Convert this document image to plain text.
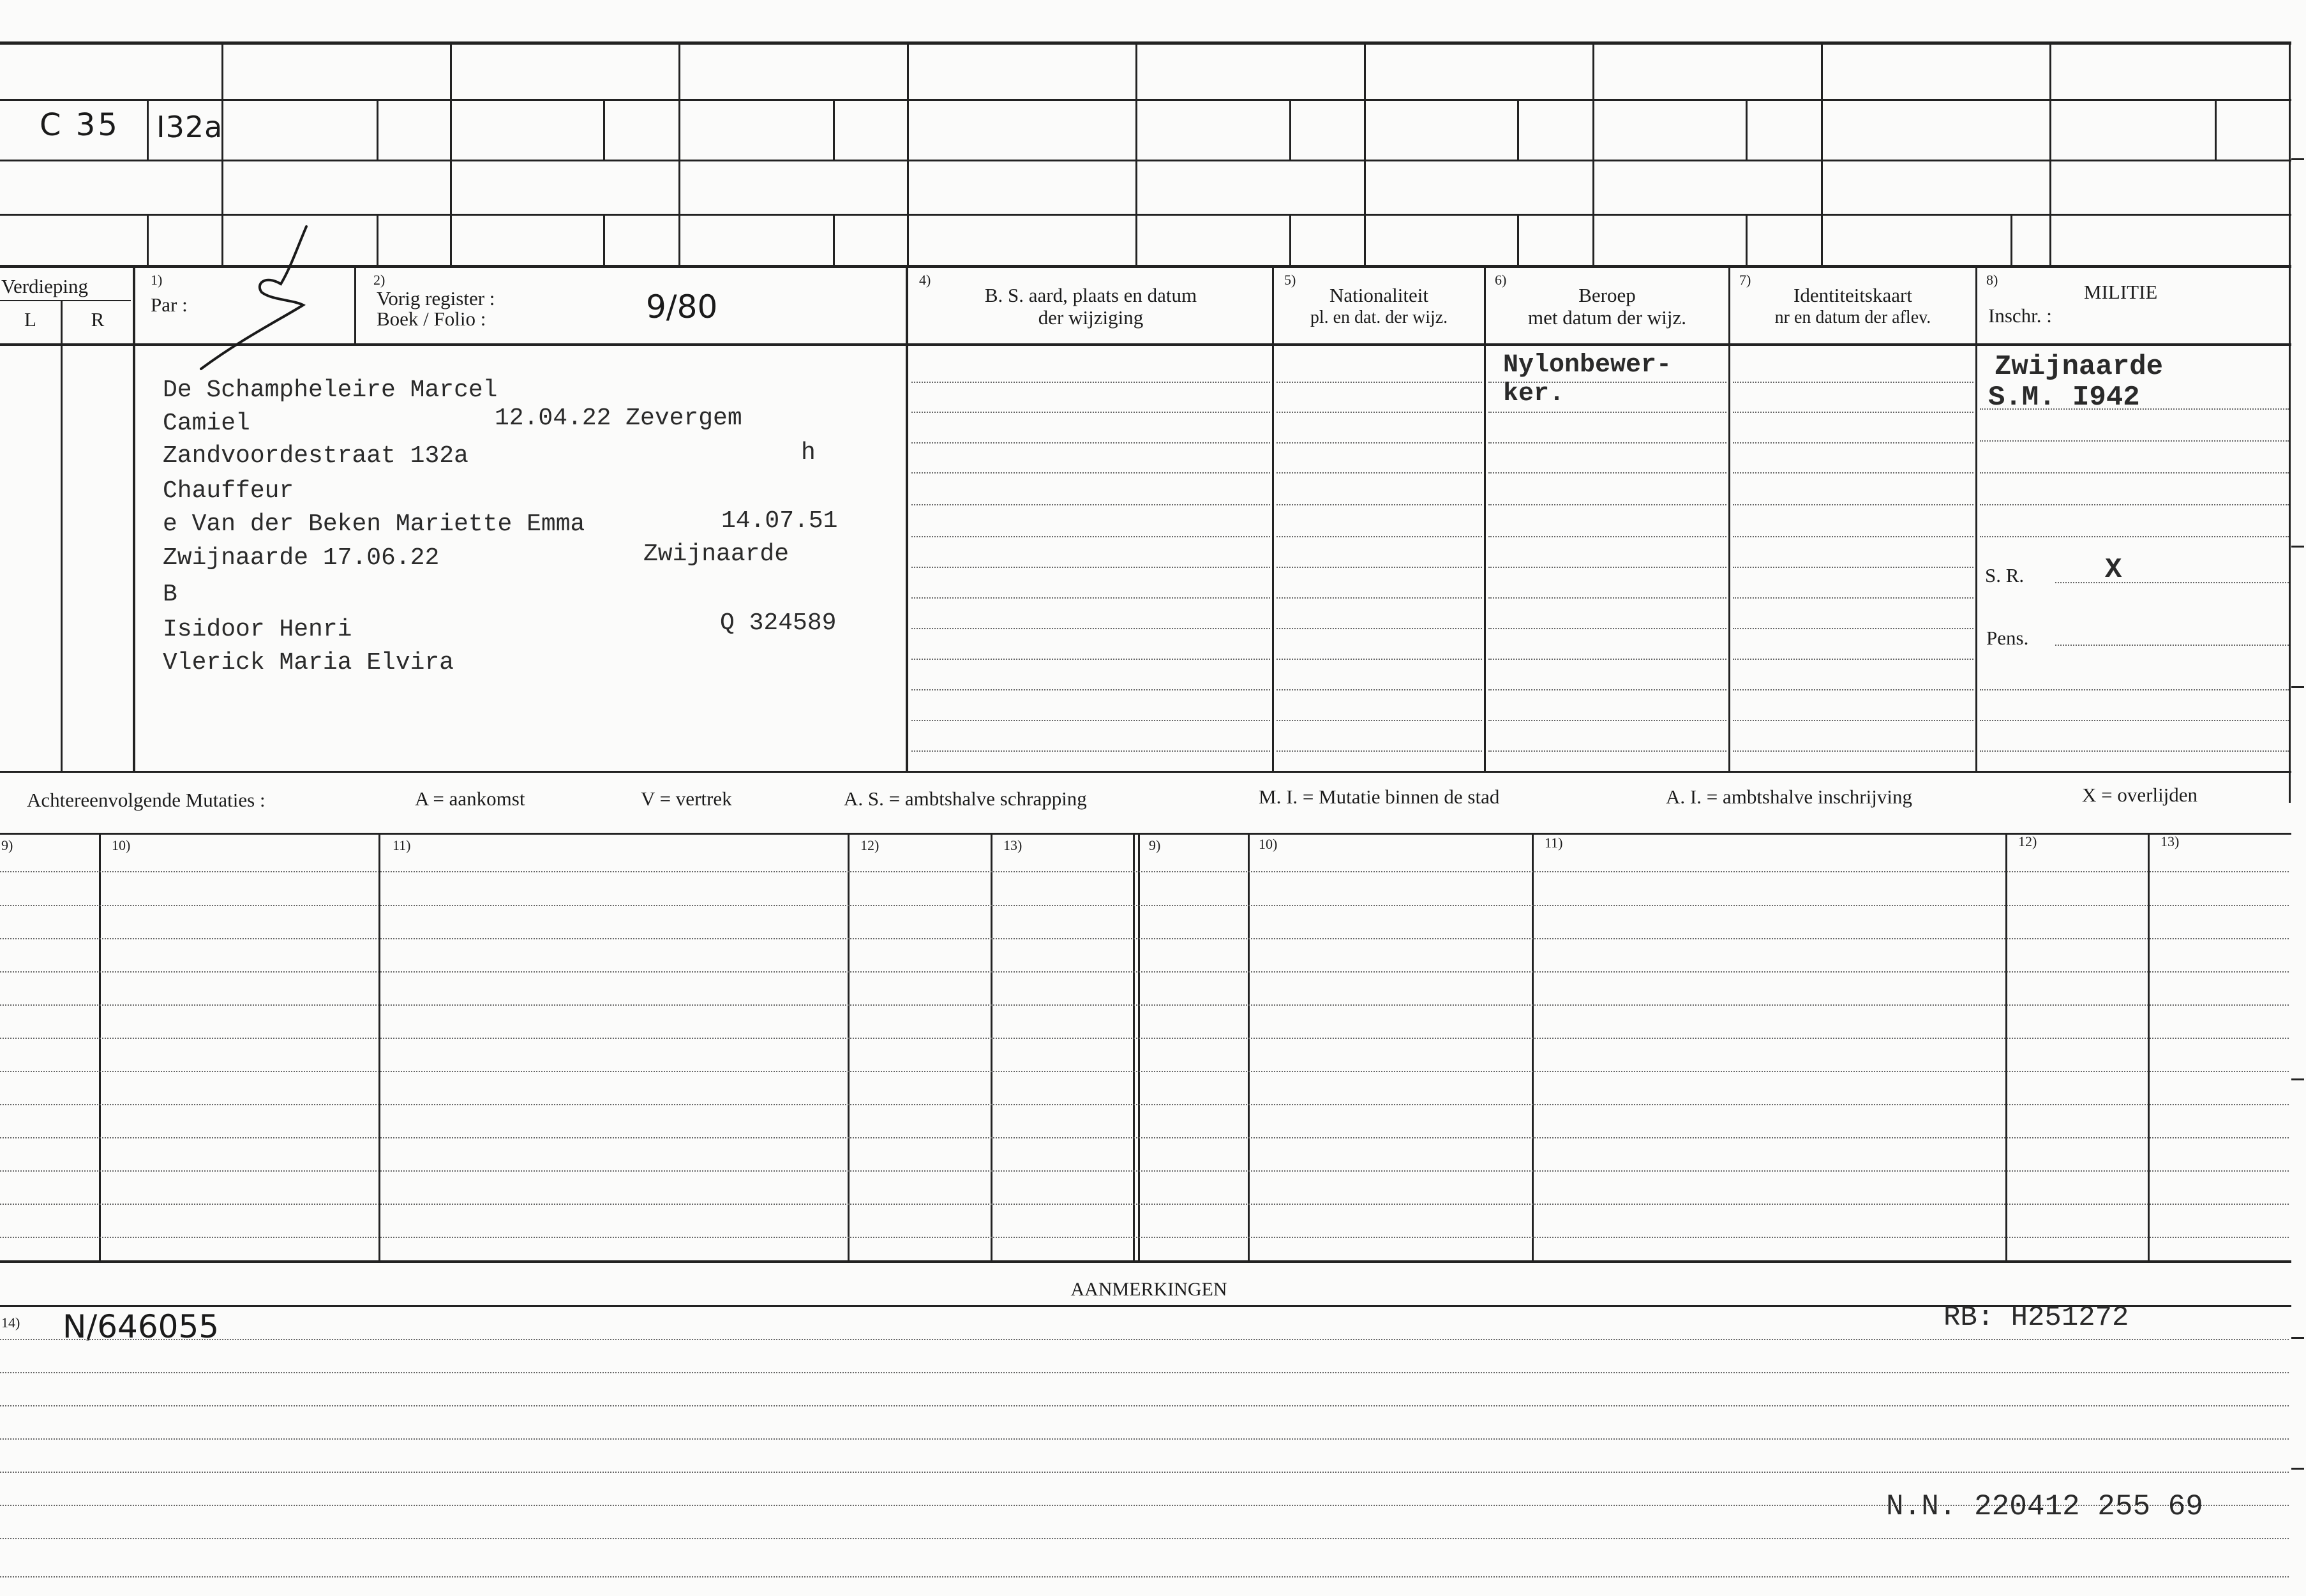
C 35 I32a
Verdieping
L	R
1)
Par :
2)
Vorig register :
Boek / Folio :	9/80
4)
B. S. aard, plaats en datum
der wijziging
5)
Nationaliteit
pl. en dat. der wijz.
6)
Beroep
met datum der wijz.
7)
Identiteitskaart
nr en datum der aflev.
8)
MILITIE
Inschr. :
De Schampheleire Marcel
Camiel	12.04.22 Zevergem
Zandvoordestraat 132a	h
Chauffeur
e Van der Beken Mariette Emma	14.07.51
Zwijnaarde 17.06.22	Zwijnaarde
B
Isidoor Henri	Q 324589
Vlerick Maria Elvira
Nylonbewer-
ker.
Zwijnaarde
S.M. I942
S. R.	X
Pens.
Achtereenvolgende Mutaties :	A = aankomst	V = vertrek	A. S. = ambtshalve schrapping	M. I. = Mutatie binnen de stad	A. I. = ambtshalve inschrijving	X = overlijden
9)	10)	11)	12)	13)	9)	10)	11)	12)	13)
AANMERKINGEN
14) N/646055	RB: H251272
N.N. 220412 255 69
